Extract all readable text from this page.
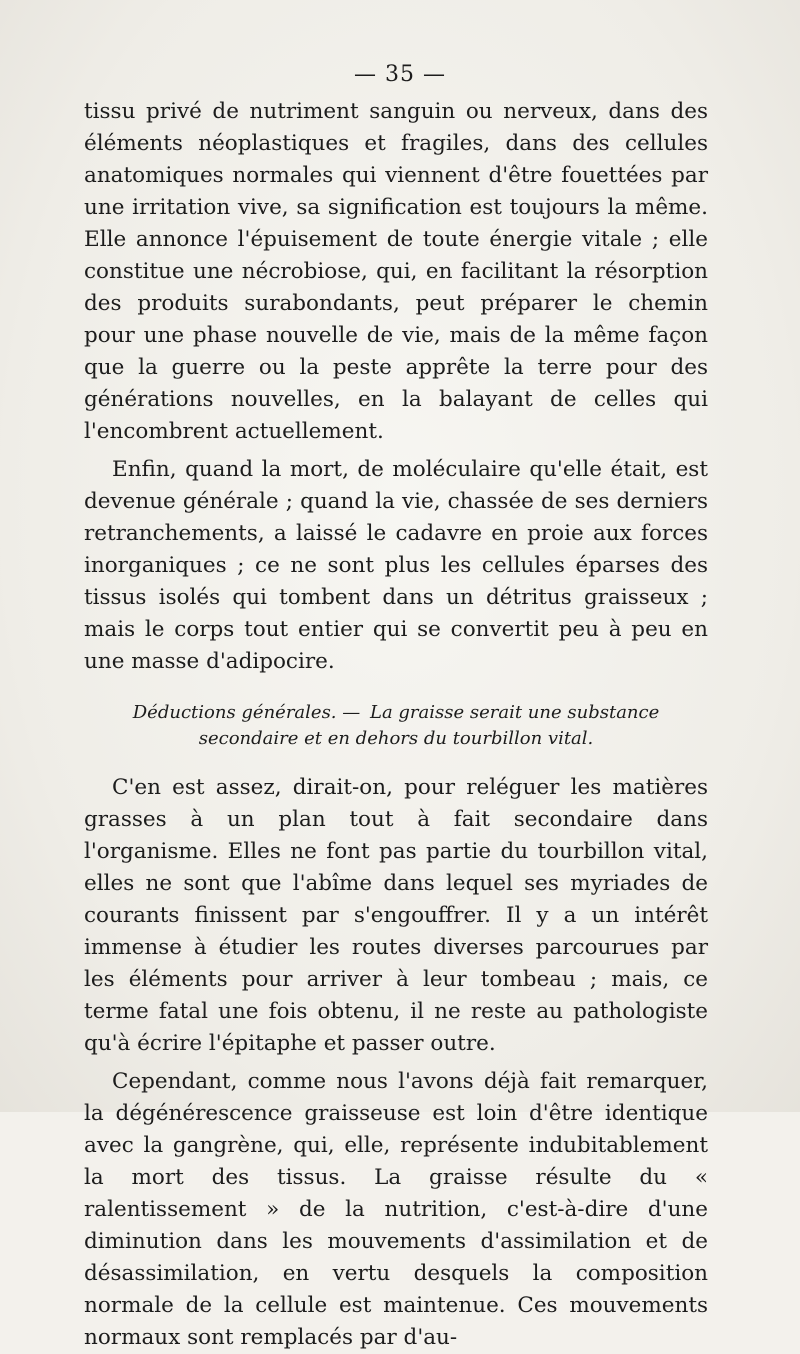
— 35 —

tissu privé de nutriment sanguin ou nerveux, dans des éléments néoplastiques et fragiles, dans des cellules anatomiques normales qui viennent d'être fouettées par une irritation vive, sa signification est toujours la même. Elle annonce l'épuisement de toute énergie vitale ; elle constitue une nécrobiose, qui, en facilitant la résorption des produits surabondants, peut préparer le chemin pour une phase nouvelle de vie, mais de la même façon que la guerre ou la peste apprête la terre pour des générations nouvelles, en la balayant de celles qui l'encombrent actuellement.

Enfin, quand la mort, de moléculaire qu'elle était, est devenue générale ; quand la vie, chassée de ses derniers retranchements, a laissé le cadavre en proie aux forces inorganiques ; ce ne sont plus les cellules éparses des tissus isolés qui tombent dans un détritus graisseux ; mais le corps tout entier qui se convertit peu à peu en une masse d'adipocire.

Déductions générales. — La graisse serait une substance secondaire et en dehors du tourbillon vital.

C'en est assez, dirait-on, pour reléguer les matières grasses à un plan tout à fait secondaire dans l'organisme. Elles ne font pas partie du tourbillon vital, elles ne sont que l'abîme dans lequel ses myriades de courants finissent par s'engouffrer. Il y a un intérêt immense à étudier les routes diverses parcourues par les éléments pour arriver à leur tombeau ; mais, ce terme fatal une fois obtenu, il ne reste au pathologiste qu'à écrire l'épitaphe et passer outre.

Cependant, comme nous l'avons déjà fait remarquer, la dégénérescence graisseuse est loin d'être identique avec la gangrène, qui, elle, représente indubitablement la mort des tissus. La graisse résulte du « ralentissement » de la nutrition, c'est-à-dire d'une diminution dans les mouvements d'assimilation et de désassimilation, en vertu desquels la composition normale de la cellule est maintenue. Ces mouvements normaux sont remplacés par d'au-
